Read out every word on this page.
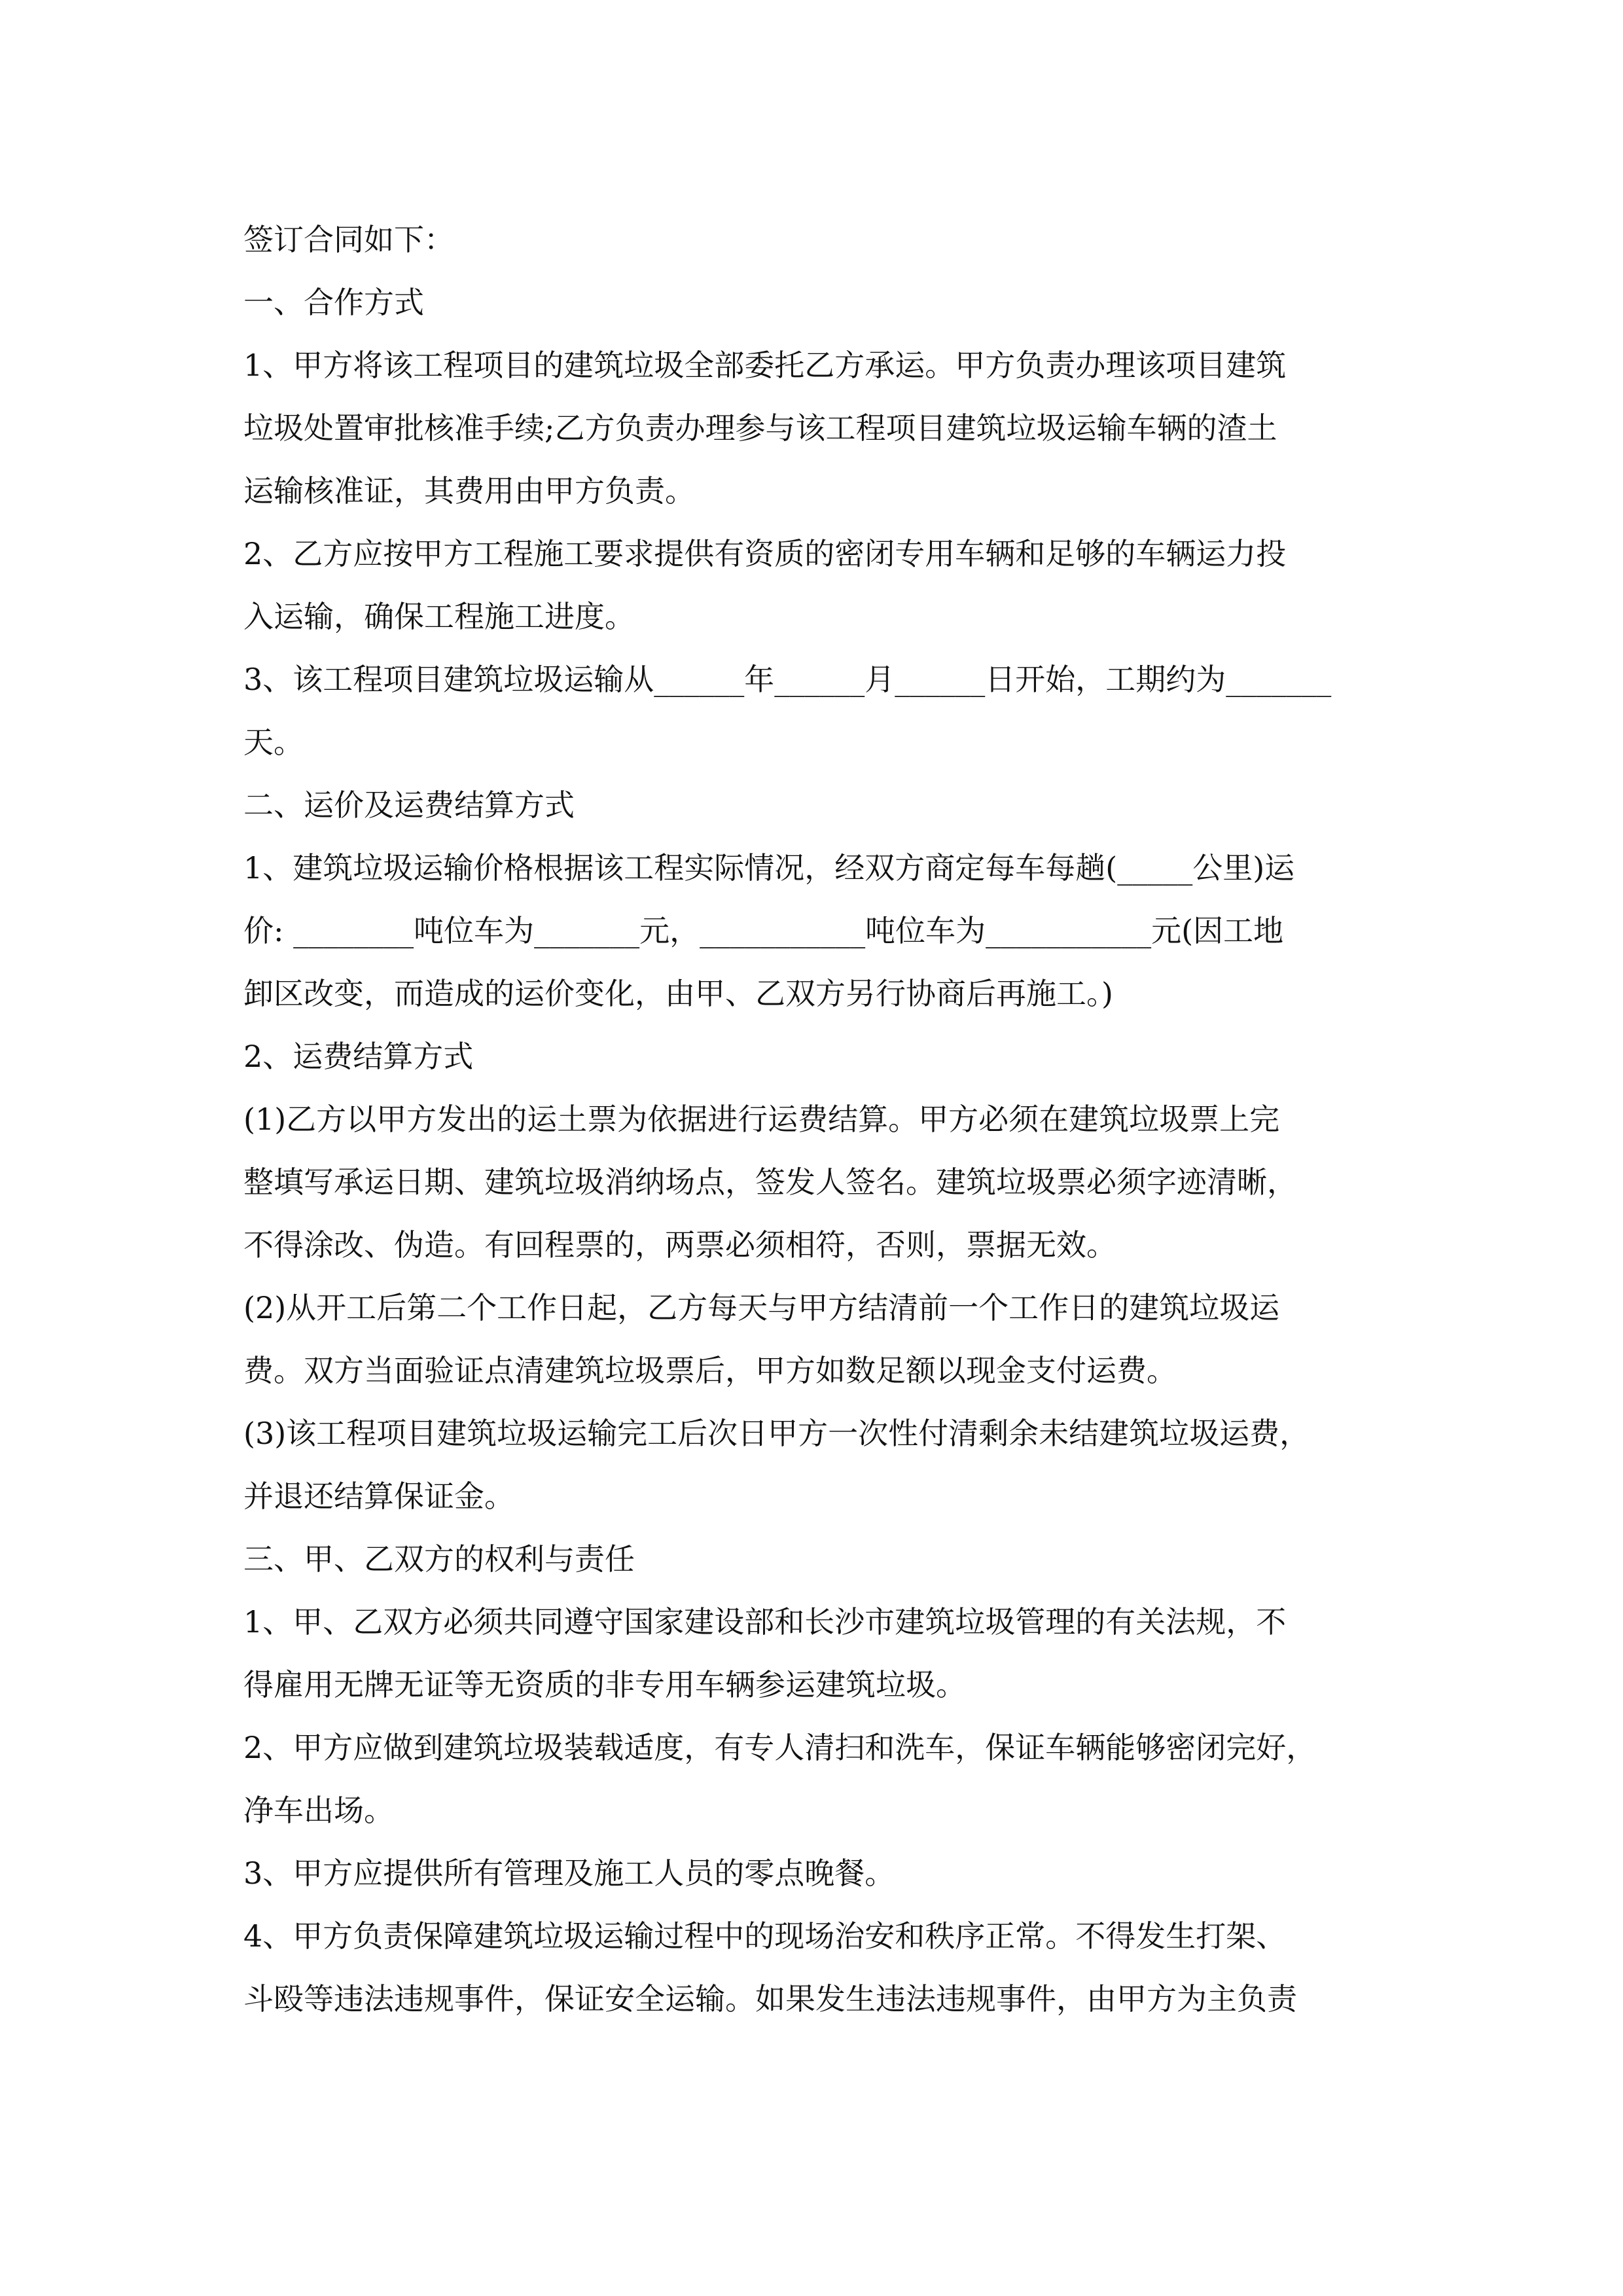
签订合同如下：
一、合作方式
1、甲方将该工程项目的建筑垃圾全部委托乙方承运。甲方负责办理该项目建筑
垃圾处置审批核准手续;乙方负责办理参与该工程项目建筑垃圾运输车辆的渣土
运输核准证，其费用由甲方负责。
2、乙方应按甲方工程施工要求提供有资质的密闭专用车辆和足够的车辆运力投
入运输，确保工程施工进度。
3、该工程项目建筑垃圾运输从______年______月______日开始，工期约为_______
天。
二、运价及运费结算方式
1、建筑垃圾运输价格根据该工程实际情况，经双方商定每车每趟(_____公里)运
价: ________吨位车为_______元，___________吨位车为___________元(因工地
卸区改变，而造成的运价变化，由甲、乙双方另行协商后再施工。)
2、运费结算方式
(1)乙方以甲方发出的运土票为依据进行运费结算。甲方必须在建筑垃圾票上完
整填写承运日期、建筑垃圾消纳场点，签发人签名。建筑垃圾票必须字迹清晰，
不得涂改、伪造。有回程票的，两票必须相符，否则，票据无效。
(2)从开工后第二个工作日起，乙方每天与甲方结清前一个工作日的建筑垃圾运
费。双方当面验证点清建筑垃圾票后，甲方如数足额以现金支付运费。
(3)该工程项目建筑垃圾运输完工后次日甲方一次性付清剩余未结建筑垃圾运费，
并退还结算保证金。
三、甲、乙双方的权利与责任
1、甲、乙双方必须共同遵守国家建设部和长沙市建筑垃圾管理的有关法规，不
得雇用无牌无证等无资质的非专用车辆参运建筑垃圾。
2、甲方应做到建筑垃圾装载适度，有专人清扫和洗车，保证车辆能够密闭完好，
净车出场。
3、甲方应提供所有管理及施工人员的零点晚餐。
4、甲方负责保障建筑垃圾运输过程中的现场治安和秩序正常。不得发生打架、
斗殴等违法违规事件，保证安全运输。如果发生违法违规事件，由甲方为主负责
